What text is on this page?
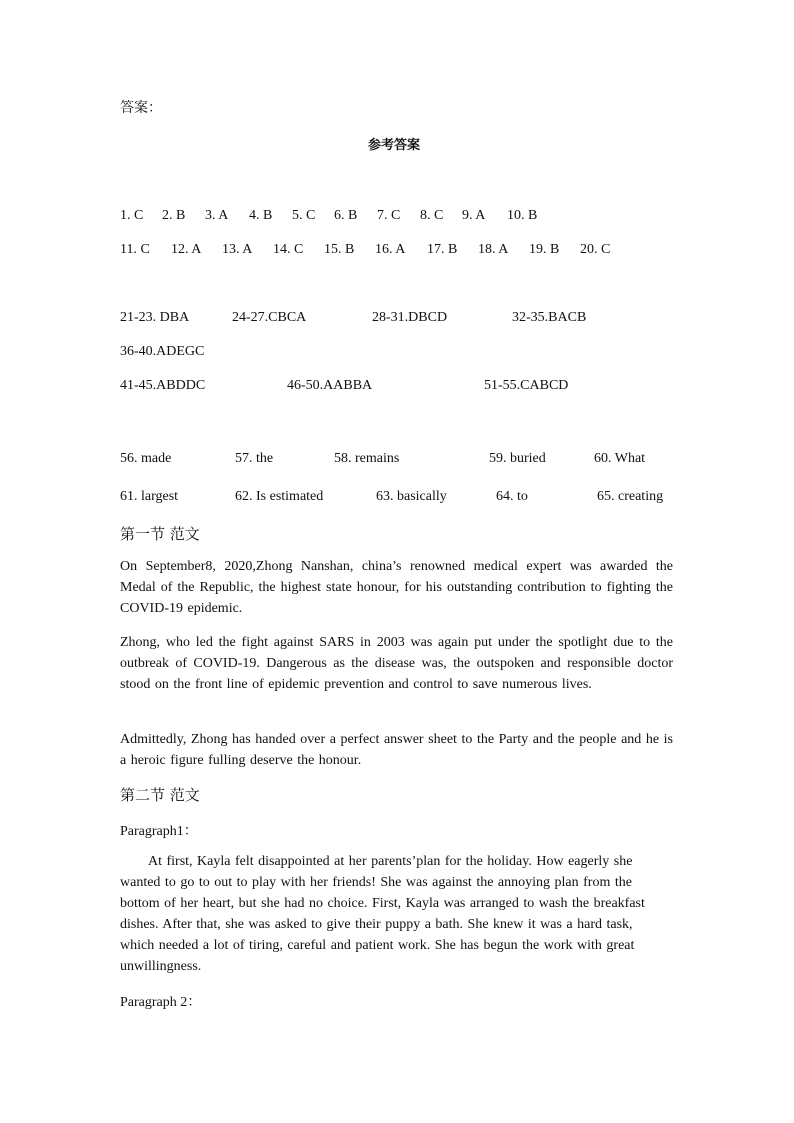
答案：
参考答案
1. C 2. B 3. A 4. B 5. C 6. B 7. C 8. C 9. A 10. B
11. C 12. A 13. A 14. C 15. B 16. A 17. B 18. A 19. B 20. C
21-23. DBA	24-27.CBCA	28-31.DBCD	32-35.BACB
36-40.ADEGC
41-45.ABDDC	46-50.AABBA	51-55.CABCD
56. made	57. the	58. remains	59. buried	60. What
61. largest	62. Is estimated	63. basically	64. to	65. creating
第一节 范文

On September8, 2020,Zhong Nanshan, china’s renowned medical expert was awarded the Medal of the Republic, the highest state honour, for his outstanding contribution to fighting the COVID-19 epidemic.

Zhong, who led the fight against SARS in 2003 was again put under the spotlight due to the outbreak of COVID-19. Dangerous as the disease was, the outspoken and responsible doctor stood on the front line of epidemic prevention and control to save numerous lives.

Admittedly, Zhong has handed over a perfect answer sheet to the Party and the people and he is a heroic figure fulling deserve the honour.

第二节 范文
Paragraph1：

At first, Kayla felt disappointed at her parents’plan for the holiday. How eagerly she wanted to go to out to play with her friends! She was against the annoying plan from the bottom of her heart, but she had no choice. First, Kayla was arranged to wash the breakfast dishes. After that, she was asked to give their puppy a bath. She knew it was a hard task, which needed a lot of tiring, careful and patient work. She has begun the work with great unwillingness.

Paragraph 2：
